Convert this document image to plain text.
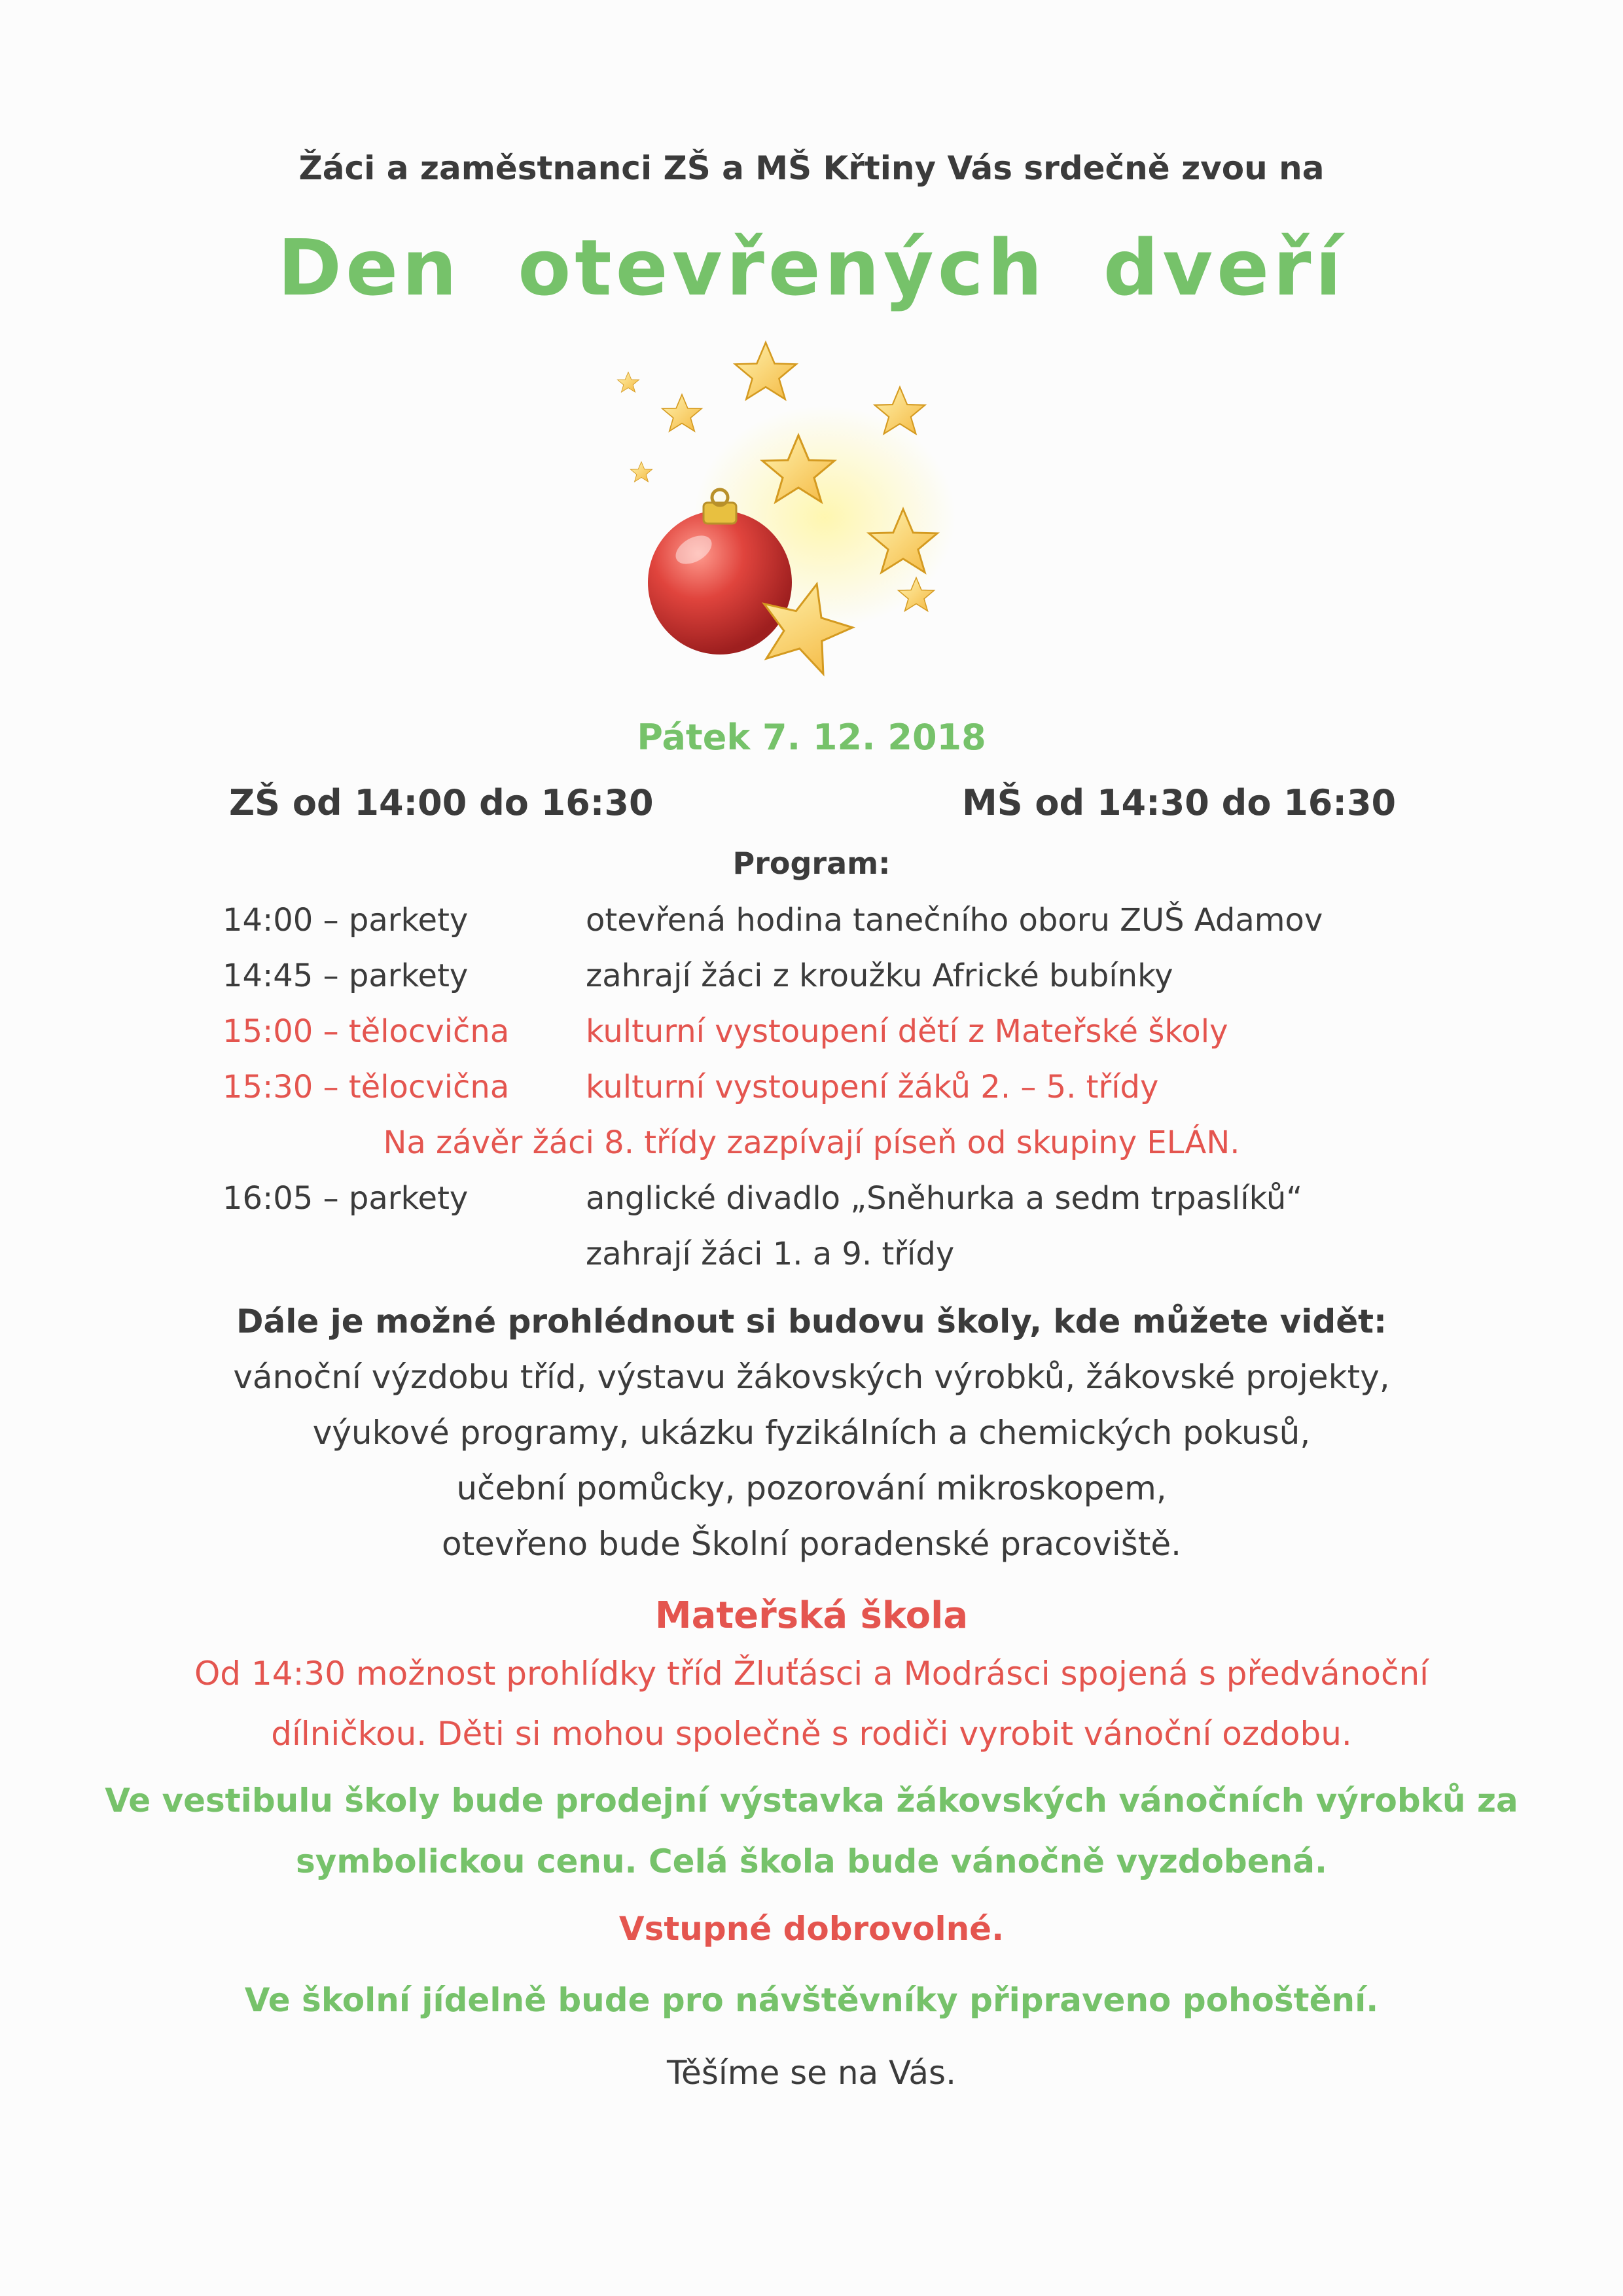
Žáci a zaměstnanci ZŠ a MŠ Křtiny Vás srdečně zvou na
Den otevřených dveří
Pátek 7. 12. 2018
ZŠ od 14:00 do 16:30	MŠ od 14:30 do 16:30
Program:
14:00 – parkety	otevřená hodina tanečního oboru ZUŠ Adamov
14:45 – parkety	zahrají žáci z kroužku Africké bubínky
15:00 – tělocvična kulturní vystoupení dětí z Mateřské školy
15:30 – tělocvična kulturní vystoupení žáků 2. – 5. třídy
Na závěr žáci 8. třídy zazpívají píseň od skupiny ELÁN.
16:05 – parkety	anglické divadlo „Sněhurka a sedm trpaslíků“
zahrají žáci 1. a 9. třídy
Dále je možné prohlédnout si budovu školy, kde můžete vidět:
vánoční výzdobu tříd, výstavu žákovských výrobků, žákovské projekty,
výukové programy, ukázku fyzikálních a chemických pokusů,
učební pomůcky, pozorování mikroskopem,
otevřeno bude Školní poradenské pracoviště.
Mateřská škola
Od 14:30 možnost prohlídky tříd Žluťásci a Modrásci spojená s předvánoční
dílničkou. Děti si mohou společně s rodiči vyrobit vánoční ozdobu.
Ve vestibulu školy bude prodejní výstavka žákovských vánočních výrobků za
symbolickou cenu. Celá škola bude vánočně vyzdobená.
Vstupné dobrovolné.
Ve školní jídelně bude pro návštěvníky připraveno pohoštění.
Těšíme se na Vás.
